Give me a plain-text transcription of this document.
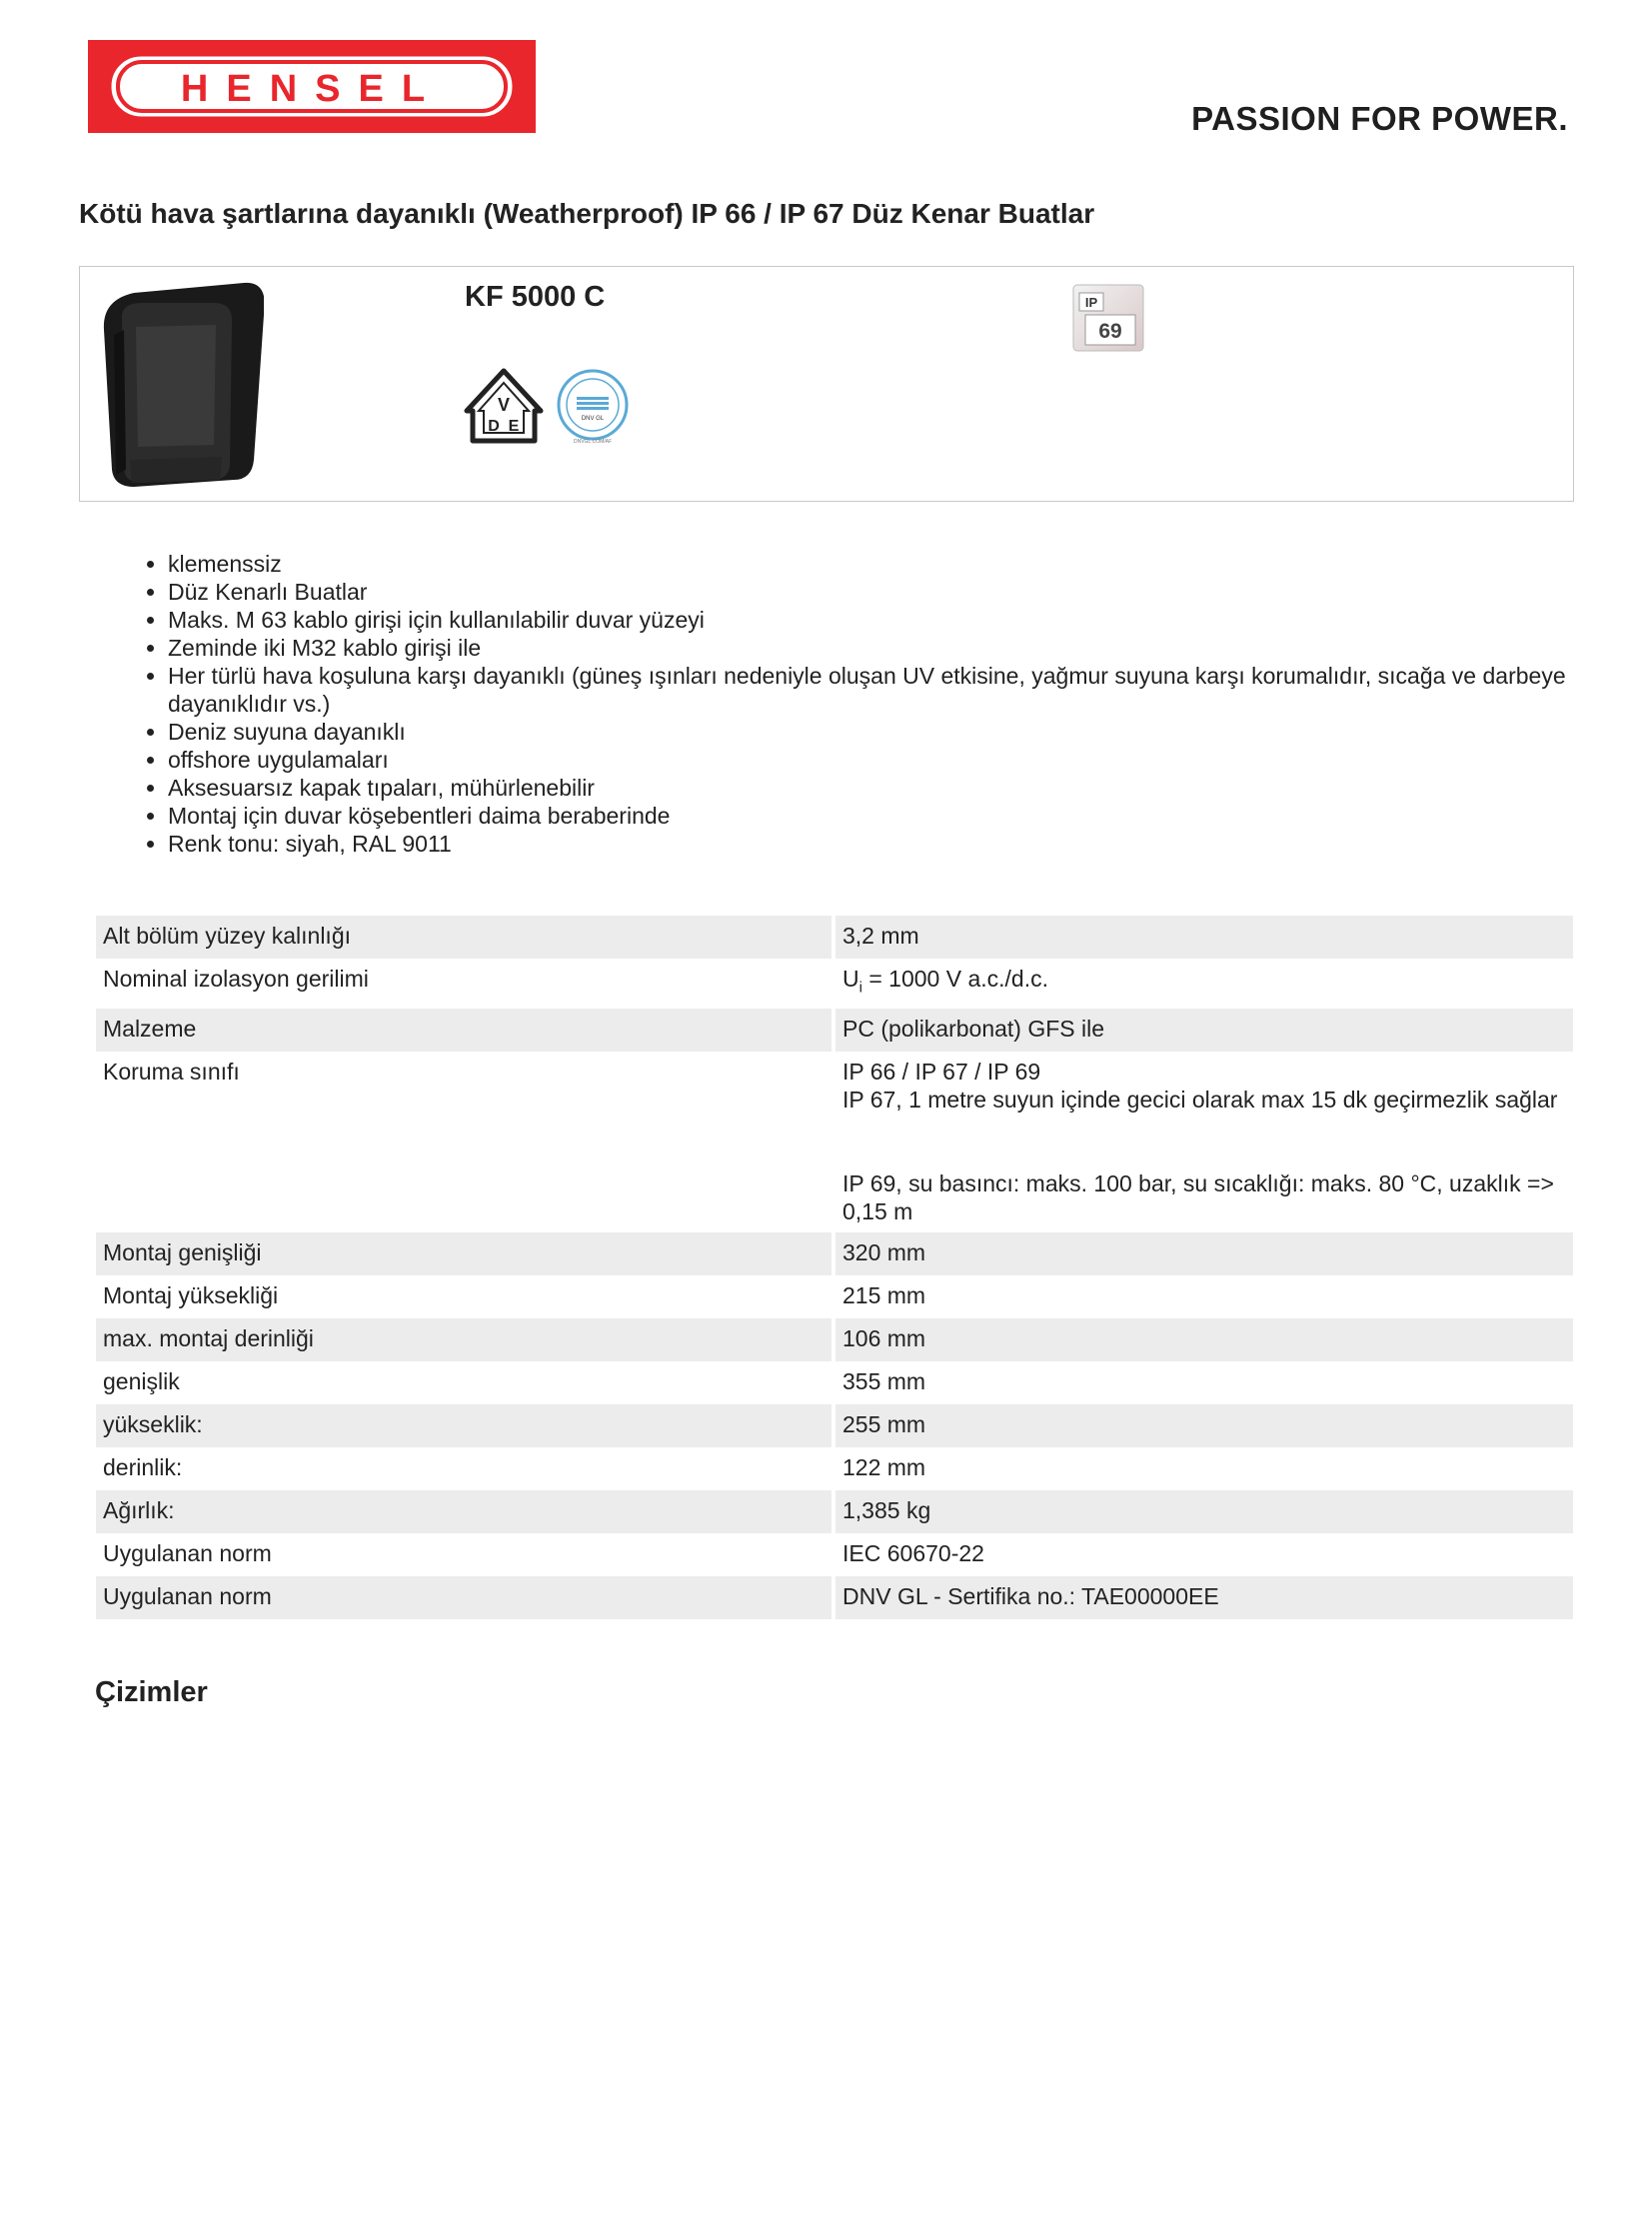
HENSEL
PASSION FOR POWER.
Kötü hava şartlarına dayanıklı (Weatherproof) IP 66 / IP 67 Düz Kenar Buatlar
KF 5000 C
V
D E	DNV GL
DNVGL.COM/AF
IP
69
• klemenssiz
• Düz Kenarlı Buatlar
• Maks. M 63 kablo girişi için kullanılabilir duvar yüzeyi
• Zeminde iki M32 kablo girişi ile
• Her türlü hava koşuluna karşı dayanıklı (güneş ışınları nedeniyle oluşan UV etkisine, yağmur suyuna karşı korumalıdır, sıcağa ve darbeye dayanıklıdır vs.)
• Deniz suyuna dayanıklı
• offshore uygulamaları
• Aksesuarsız kapak tıpaları, mühürlenebilir
• Montaj için duvar köşebentleri daima beraberinde
• Renk tonu: siyah, RAL 9011
Alt bölüm yüzey kalınlığı	3,2 mm
Nominal izolasyon gerilimi	$U_i = 1000$ V a.c./d.c.
Malzeme	PC (polikarbonat) GFS ile
Koruma sınıfı	IP 66 / IP 67 / IP 69
IP 67, 1 metre suyun içinde gecici olarak max 15 dk geçirmezlik sağlar
IP 69, su basıncı: maks. 100 bar, su sıcaklığı: maks. 80 °C, uzaklık => 0,15 m

Montaj genişliği	320 mm
Montaj yüksekliği	215 mm
max. montaj derinliği	106 mm
genişlik	355 mm
yükseklik:	255 mm
derinlik:	122 mm
Ağırlık:	1,385 kg
Uygulanan norm	IEC 60670-22
Uygulanan norm	DNV GL - Sertifika no.: TAE00000EE
Çizimler
